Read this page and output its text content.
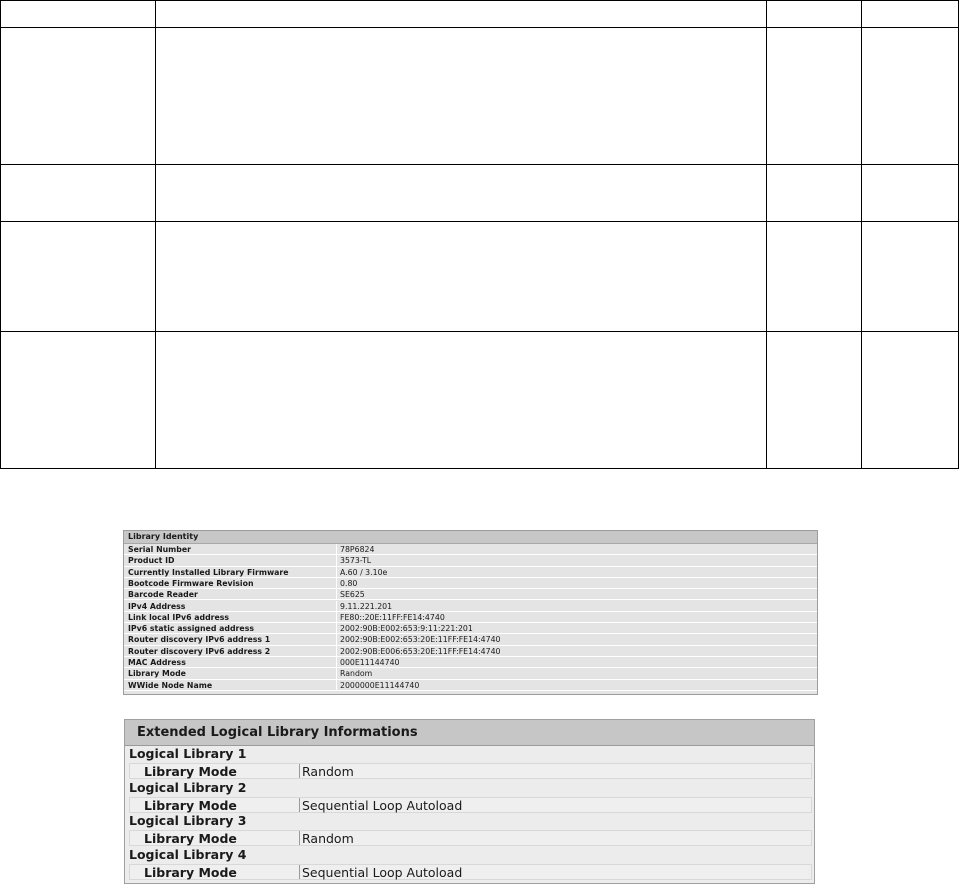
Library Identity
Serial Number	78P6824
Product ID	3573-TL
Currently Installed Library Firmware	A.60 / 3.10e
Bootcode Firmware Revision	0.80
Barcode Reader	SE625
IPv4 Address	9.11.221.201
Link local IPv6 address	FE80::20E:11FF:FE14:4740
IPv6 static assigned address	2002:90B:E002:653:9:11:221:201
Router discovery IPv6 address 1	2002:90B:E002:653:20E:11FF:FE14:4740
Router discovery IPv6 address 2	2002:90B:E006:653:20E:11FF:FE14:4740
MAC Address	000E11144740
Library Mode	Random
WWide Node Name	2000000E11144740
Extended Logical Library Informations
Logical Library 1
Library Mode	Random
Logical Library 2
Library Mode	Sequential Loop Autoload
Logical Library 3
Library Mode	Random
Logical Library 4
Library Mode	Sequential Loop Autoload
